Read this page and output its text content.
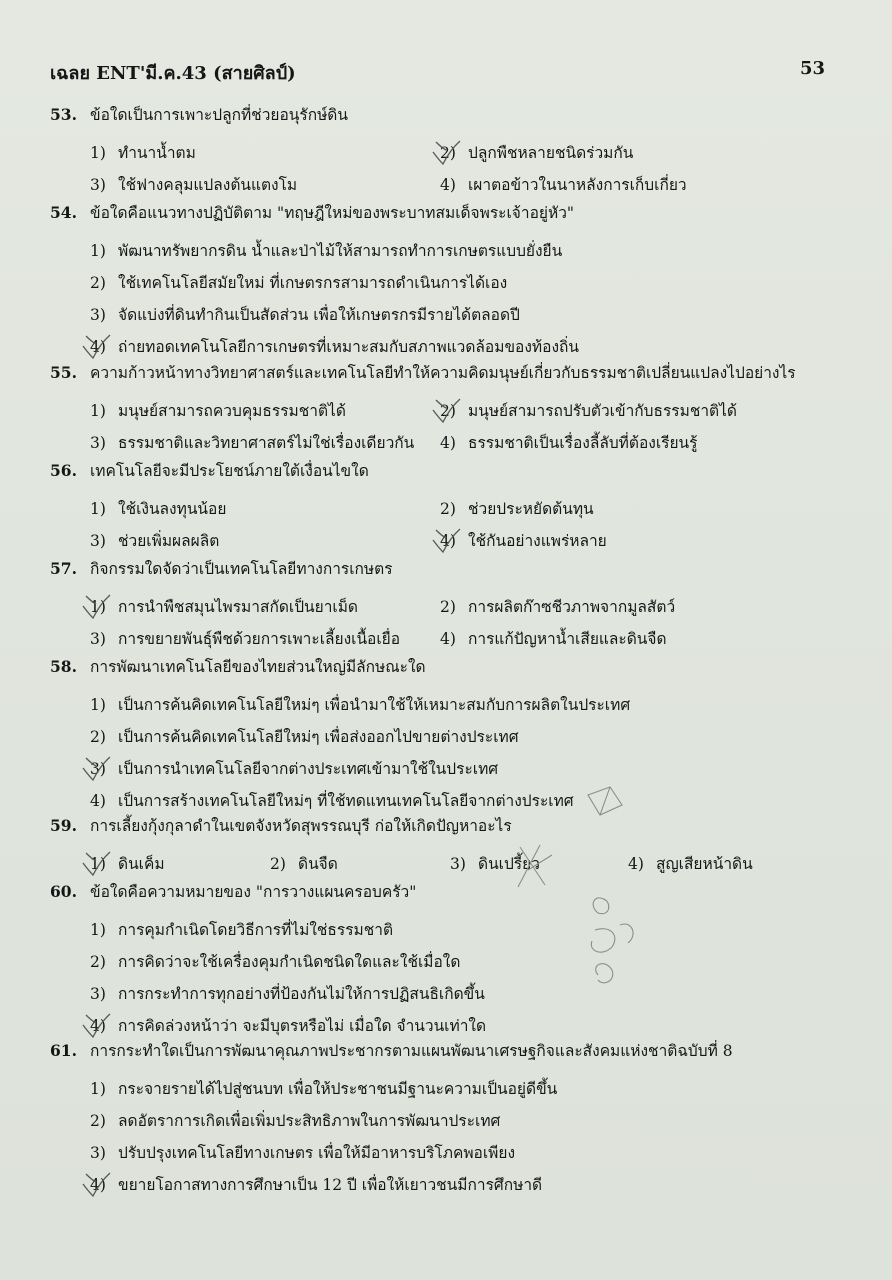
เฉลย ENT'มี.ค.43 (สายศิลป์)	53
53. ข้อใดเป็นการเพาะปลูกที่ช่วยอนุรักษ์ดิน
1) ทำนาน้ำตม	2) ปลูกพืชหลายชนิดร่วมกัน
3) ใช้ฟางคลุมแปลงต้นแตงโม	4) เผาตอข้าวในนาหลังการเก็บเกี่ยว
54. ข้อใดคือแนวทางปฏิบัติตาม "ทฤษฎีใหม่ของพระบาทสมเด็จพระเจ้าอยู่หัว"
1) พัฒนาทรัพยากรดิน น้ำและป่าไม้ให้สามารถทำการเกษตรแบบยั่งยืน
2) ใช้เทคโนโลยีสมัยใหม่ ที่เกษตรกรสามารถดำเนินการได้เอง
3) จัดแบ่งที่ดินทำกินเป็นสัดส่วน เพื่อให้เกษตรกรมีรายได้ตลอดปี
4) ถ่ายทอดเทคโนโลยีการเกษตรที่เหมาะสมกับสภาพแวดล้อมของท้องถิ่น
55. ความก้าวหน้าทางวิทยาศาสตร์และเทคโนโลยีทำให้ความคิดมนุษย์เกี่ยวกับธรรมชาติเปลี่ยนแปลงไปอย่างไร
1) มนุษย์สามารถควบคุมธรรมชาติได้	2) มนุษย์สามารถปรับตัวเข้ากับธรรมชาติได้
3) ธรรมชาติและวิทยาศาสตร์ไม่ใช่เรื่องเดียวกัน 4) ธรรมชาติเป็นเรื่องลี้ลับที่ต้องเรียนรู้
56. เทคโนโลยีจะมีประโยชน์ภายใต้เงื่อนไขใด
1) ใช้เงินลงทุนน้อย	2) ช่วยประหยัดต้นทุน
3) ช่วยเพิ่มผลผลิต	4) ใช้กันอย่างแพร่หลาย
57. กิจกรรมใดจัดว่าเป็นเทคโนโลยีทางการเกษตร
1) การนำพืชสมุนไพรมาสกัดเป็นยาเม็ด	2) การผลิตก๊าซชีวภาพจากมูลสัตว์
3) การขยายพันธุ์พืชด้วยการเพาะเลี้ยงเนื้อเยื่อ	4) การแก้ปัญหาน้ำเสียและดินจืด
58. การพัฒนาเทคโนโลยีของไทยส่วนใหญ่มีลักษณะใด
1) เป็นการค้นคิดเทคโนโลยีใหม่ๆ เพื่อนำมาใช้ให้เหมาะสมกับการผลิตในประเทศ
2) เป็นการค้นคิดเทคโนโลยีใหม่ๆ เพื่อส่งออกไปขายต่างประเทศ
3) เป็นการนำเทคโนโลยีจากต่างประเทศเข้ามาใช้ในประเทศ
4) เป็นการสร้างเทคโนโลยีใหม่ๆ ที่ใช้ทดแทนเทคโนโลยีจากต่างประเทศ
59. การเลี้ยงกุ้งกุลาดำในเขตจังหวัดสุพรรณบุรี ก่อให้เกิดปัญหาอะไร
1) ดินเค็ม	2) ดินจืด	3) ดินเปรี้ยว	4) สูญเสียหน้าดิน
60. ข้อใดคือความหมายของ "การวางแผนครอบครัว"
1) การคุมกำเนิดโดยวิธีการที่ไม่ใช่ธรรมชาติ
2) การคิดว่าจะใช้เครื่องคุมกำเนิดชนิดใดและใช้เมื่อใด
3) การกระทำการทุกอย่างที่ป้องกันไม่ให้การปฏิสนธิเกิดขึ้น
4) การคิดล่วงหน้าว่า จะมีบุตรหรือไม่ เมื่อใด จำนวนเท่าใด
61. การกระทำใดเป็นการพัฒนาคุณภาพประชากรตามแผนพัฒนาเศรษฐกิจและสังคมแห่งชาติฉบับที่ 8
1) กระจายรายได้ไปสู่ชนบท เพื่อให้ประชาชนมีฐานะความเป็นอยู่ดีขึ้น
2) ลดอัตราการเกิดเพื่อเพิ่มประสิทธิภาพในการพัฒนาประเทศ
3) ปรับปรุงเทคโนโลยีทางเกษตร เพื่อให้มีอาหารบริโภคพอเพียง
4) ขยายโอกาสทางการศึกษาเป็น 12 ปี เพื่อให้เยาวชนมีการศึกษาดี
